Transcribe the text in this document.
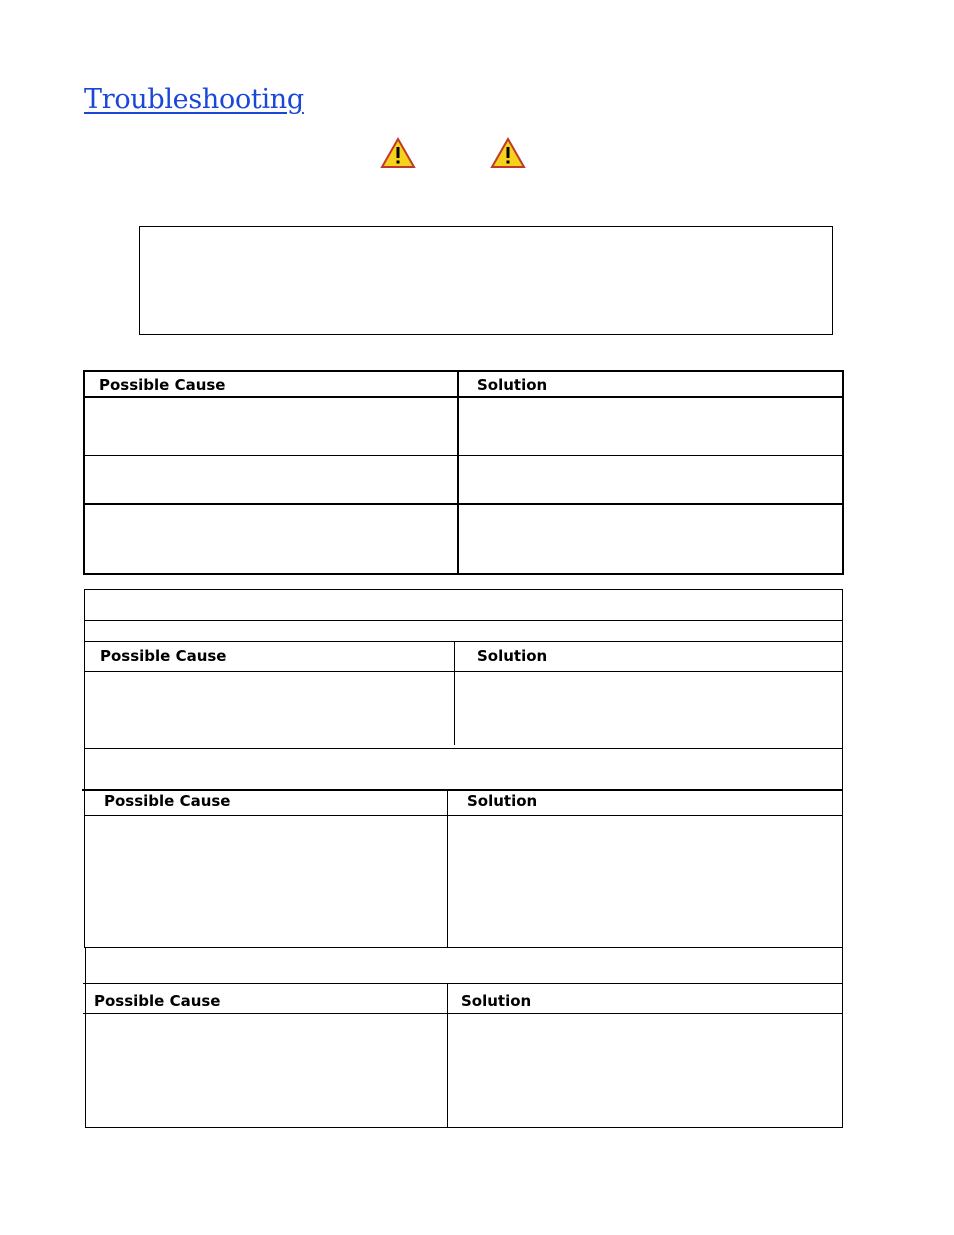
Troubleshooting
Possible Cause	Solution
Possible Cause	Solution
Possible Cause	Solution
Possible Cause	Solution
